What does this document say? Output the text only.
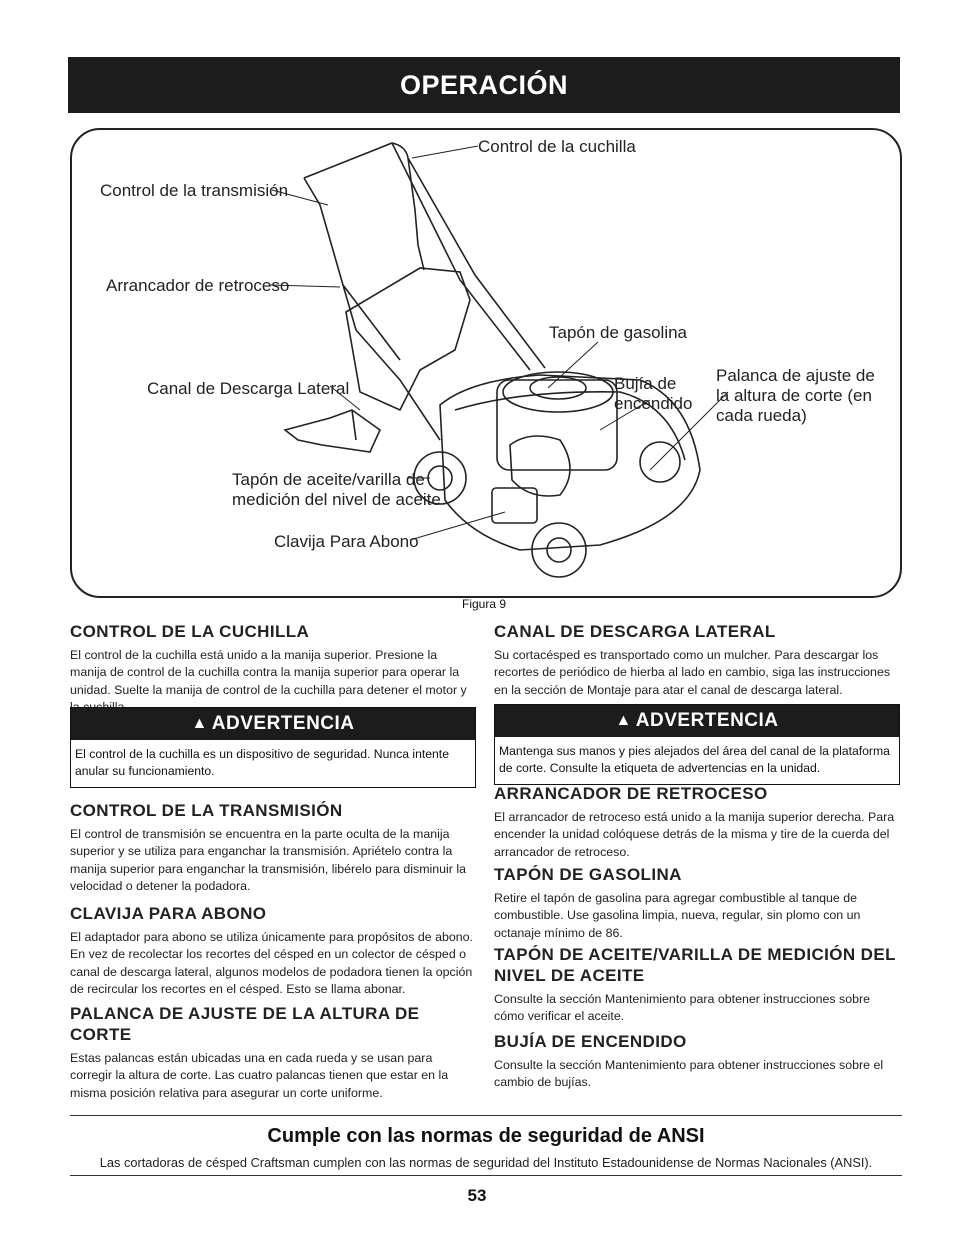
OPERACIÓN
Control de la cuchilla
Control de la transmisión
Arrancador de retroceso
Tapón de gasolina
Canal de Descarga Lateral	Bujía de
encendido
Palanca de ajuste de
la altura de corte (en
cada rueda)
Tapón de aceite/varilla de
medición del nivel de aceite
Clavija Para Abono
Figura 9
CONTROL DE LA CUCHILLA

El control de la cuchilla está unido a la manija superior. Presione la manija de control de la cuchilla contra la manija superior para operar la unidad. Suelte la manija de control de la cuchilla para detener el motor y

▲ ADVERTENCIA

El control de la cuchilla es un dispositivo de seguridad. Nunca intente anular su funcionamiento.

CONTROL DE LA TRANSMISIÓN

El control de transmisión se encuentra en la parte oculta de la manija superior y se utiliza para enganchar la transmisión. Apriételo contra la manija superior para enganchar la transmisión, libérelo para disminuir la velocidad o detener la podadora.

CLAVIJA PARA ABONO

El adaptador para abono se utiliza únicamente para propósitos de abono. En vez de recolectar los recortes del césped en un colector de césped o canal de descarga lateral, algunos modelos de podadora tienen la opción de recircular los recortes en el césped. Esto se llama abonar.

PALANCA DE AJUSTE DE LA ALTURA DE CORTE

Estas palancas están ubicadas una en cada rueda y se usan para corregir la altura de corte. Las cuatro palancas tienen que estar en la misma posición relativa para asegurar un corte uniforme.

CANAL DE DESCARGA LATERAL

Su cortacésped es transportado como un mulcher. Para descargar los recortes de periódico de hierba al lado en cambio, siga las instrucciones en la sección de Montaje para atar el canal de descarga lateral.

▲ ADVERTENCIA

Mantenga sus manos y pies alejados del área del canal de la plataforma de corte. Consulte la etiqueta de advertencias en la unidad.

ARRANCADOR DE RETROCESO

El arrancador de retroceso está unido a la manija superior derecha. Para encender la unidad colóquese detrás de la misma y tire de la cuerda del arrancador de retroceso.

TAPÓN DE GASOLINA

Retire el tapón de gasolina para agregar combustible al tanque de combustible. Use gasolina limpia, nueva, regular, sin plomo con un octanaje mínimo de 86.

TAPÓN DE ACEITE/VARILLA DE MEDICIÓN DEL NIVEL DE ACEITE

Consulte la sección Mantenimiento para obtener instrucciones sobre cómo verificar el aceite.

BUJÍA DE ENCENDIDO

Consulte la sección Mantenimiento para obtener instrucciones sobre el cambio de bujías.

Cumple con las normas de seguridad de ANSI
Las cortadoras de césped Craftsman cumplen con las normas de seguridad del Instituto Estadounidense de Normas Nacionales (ANSI).
53
